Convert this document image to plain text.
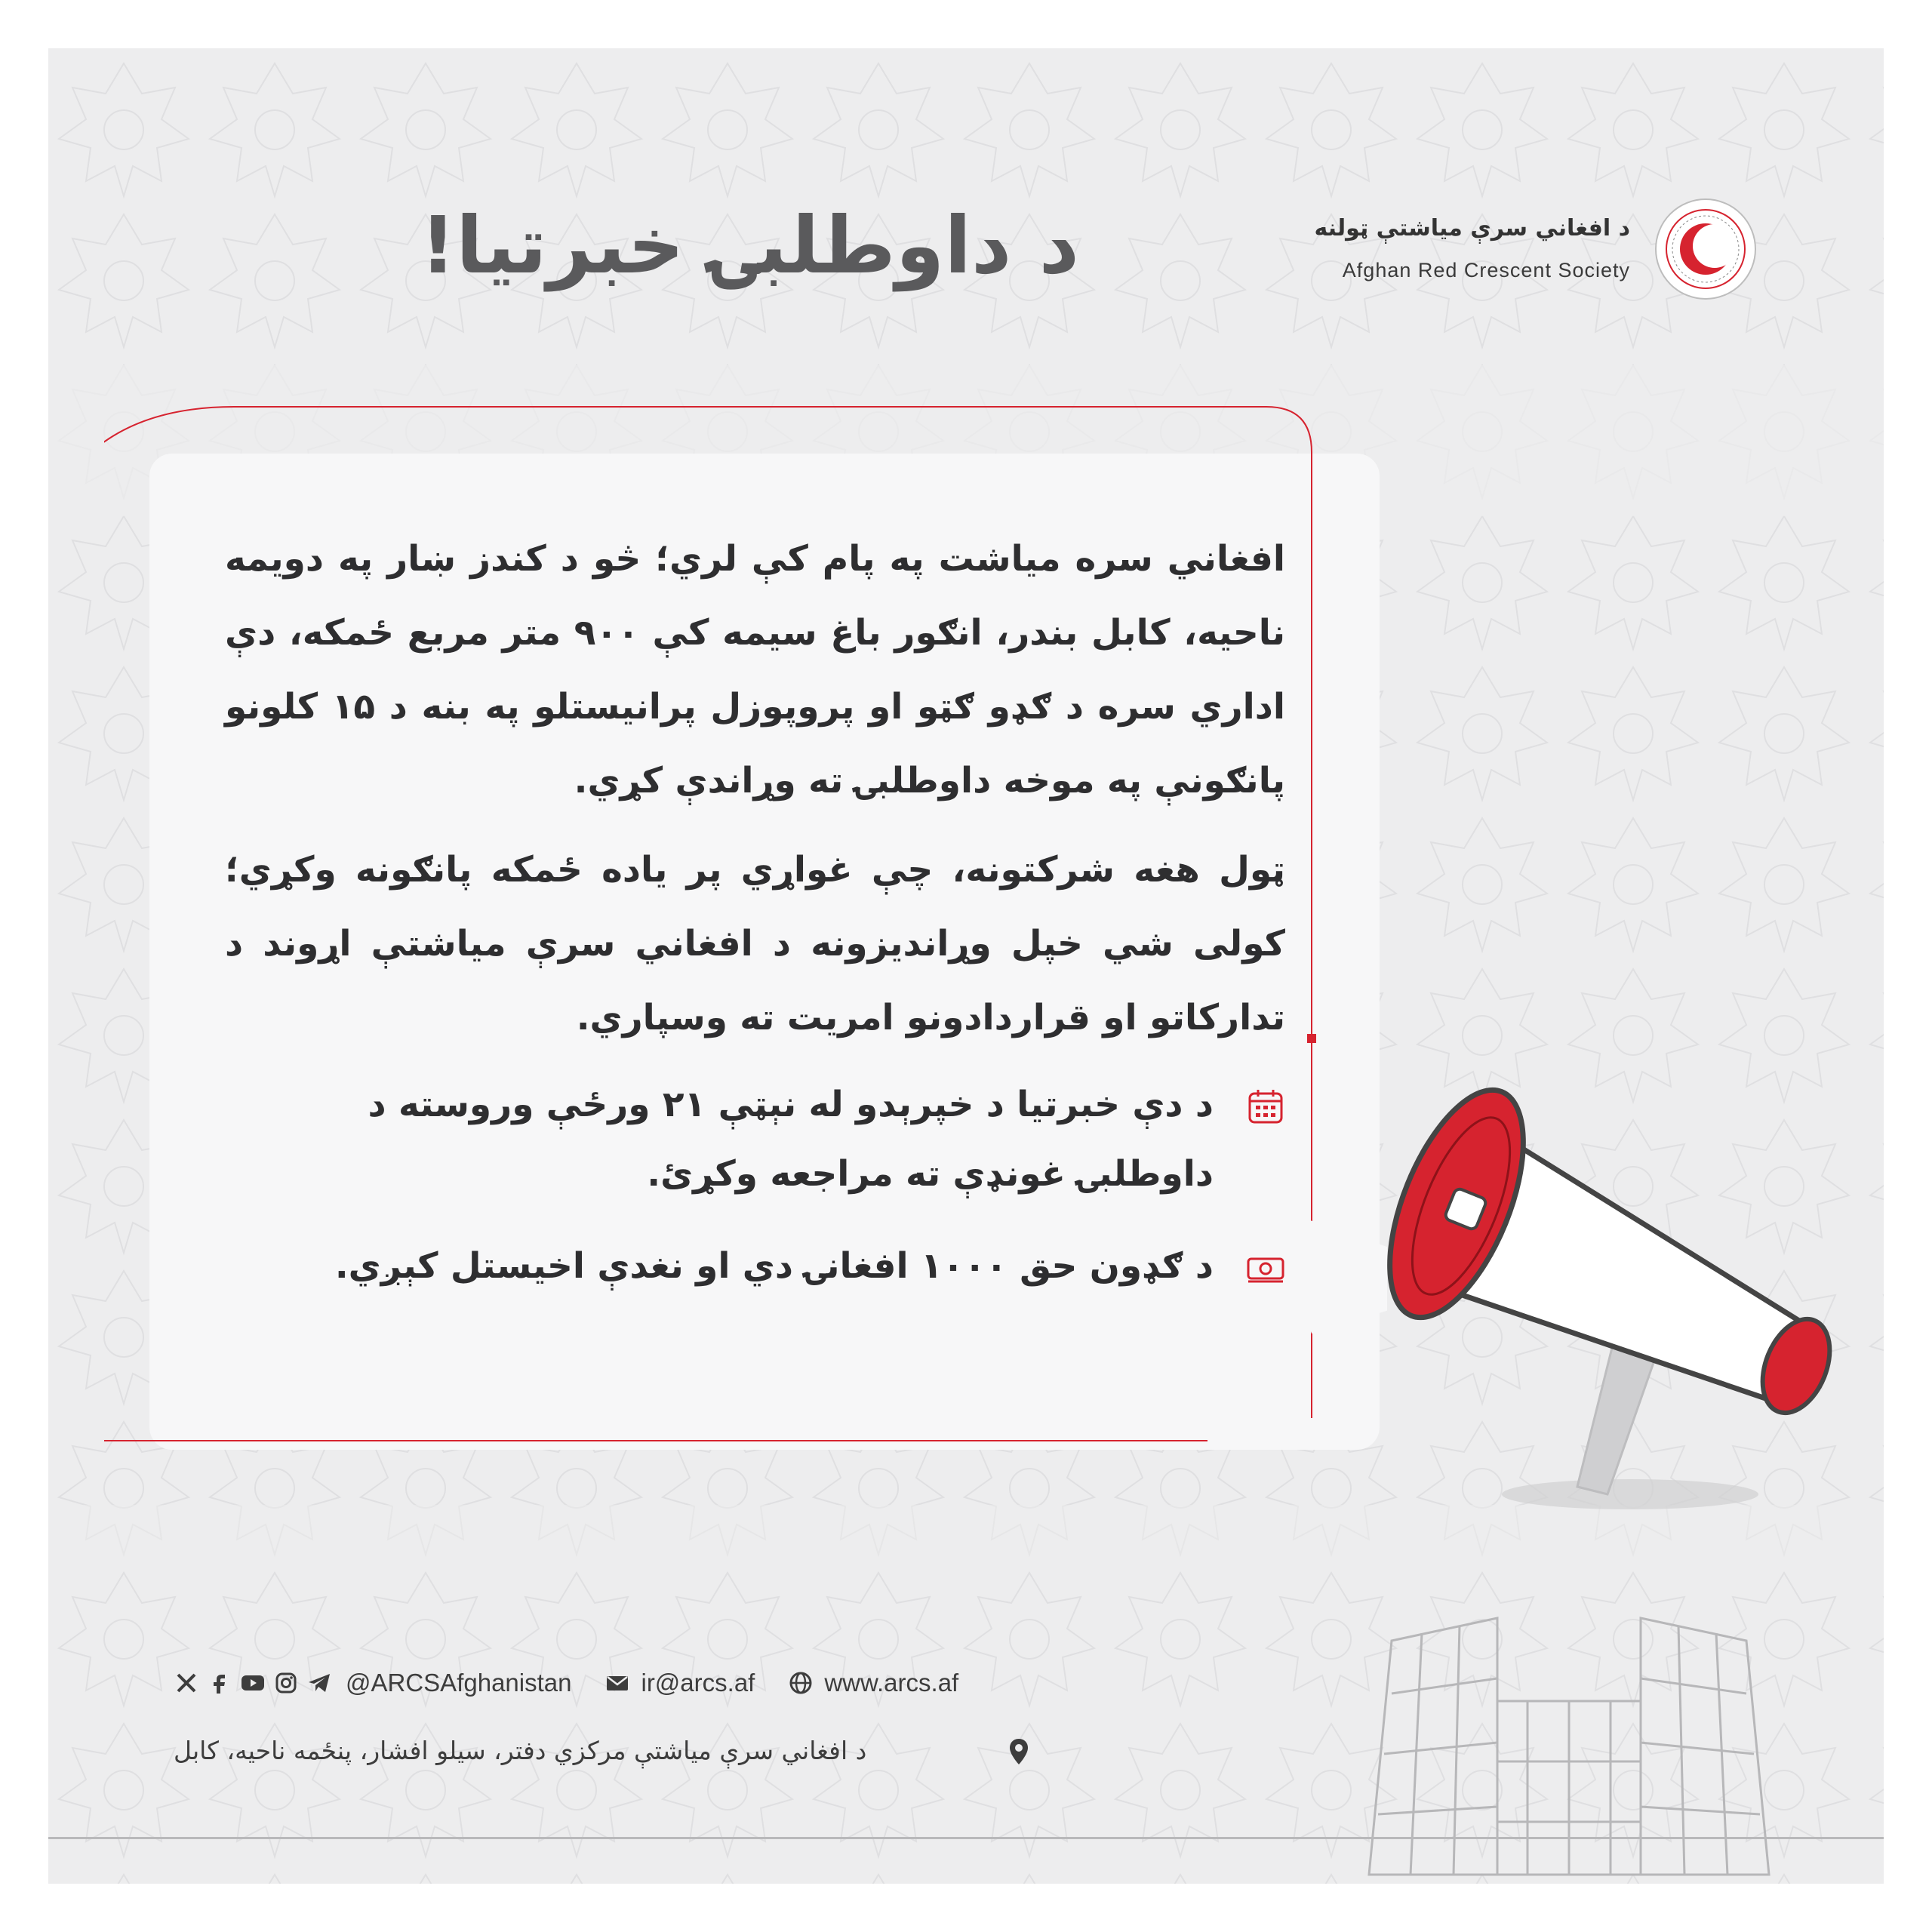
د داوطلبۍ خبرتيا!	د افغاني سرې میاشتې ټولنه
Afghan Red Crescent Society

افغاني سره مياشت په پام کې لري؛ څو د کندز ښار په دويمه ناحيه، کابل بندر، انګور باغ سيمه کې ۹۰۰ متر مربع ځمکه، دې اداري سره د ګډو ګټو او پروپوزل پرانيستلو په بنه د ۱۵ کلونو پانګونې په موخه داوطلبۍ ته وړاندې کړي.

ټول هغه شرکتونه، چې غواړي پر ياده ځمکه پانګونه وکړي؛ کولی شي خپل وړانديزونه د افغاني سرې مياشتې اړوند د تدارکاتو او قراردادونو امريت ته وسپاري.

د دې خبرتيا د خپرېدو له نېټې ۲۱ ورځې وروسته د داوطلبۍ غونډې ته مراجعه وکړئ.
د ګډون حق ۱۰۰۰ افغانۍ دي او نغدې اخيستل کېږي.
@ARCSAfghanistan	ir@arcs.af	www.arcs.af
د افغاني سرې مياشتې مرکزي دفتر، سيلو افشار، پنځمه ناحيه، کابل
